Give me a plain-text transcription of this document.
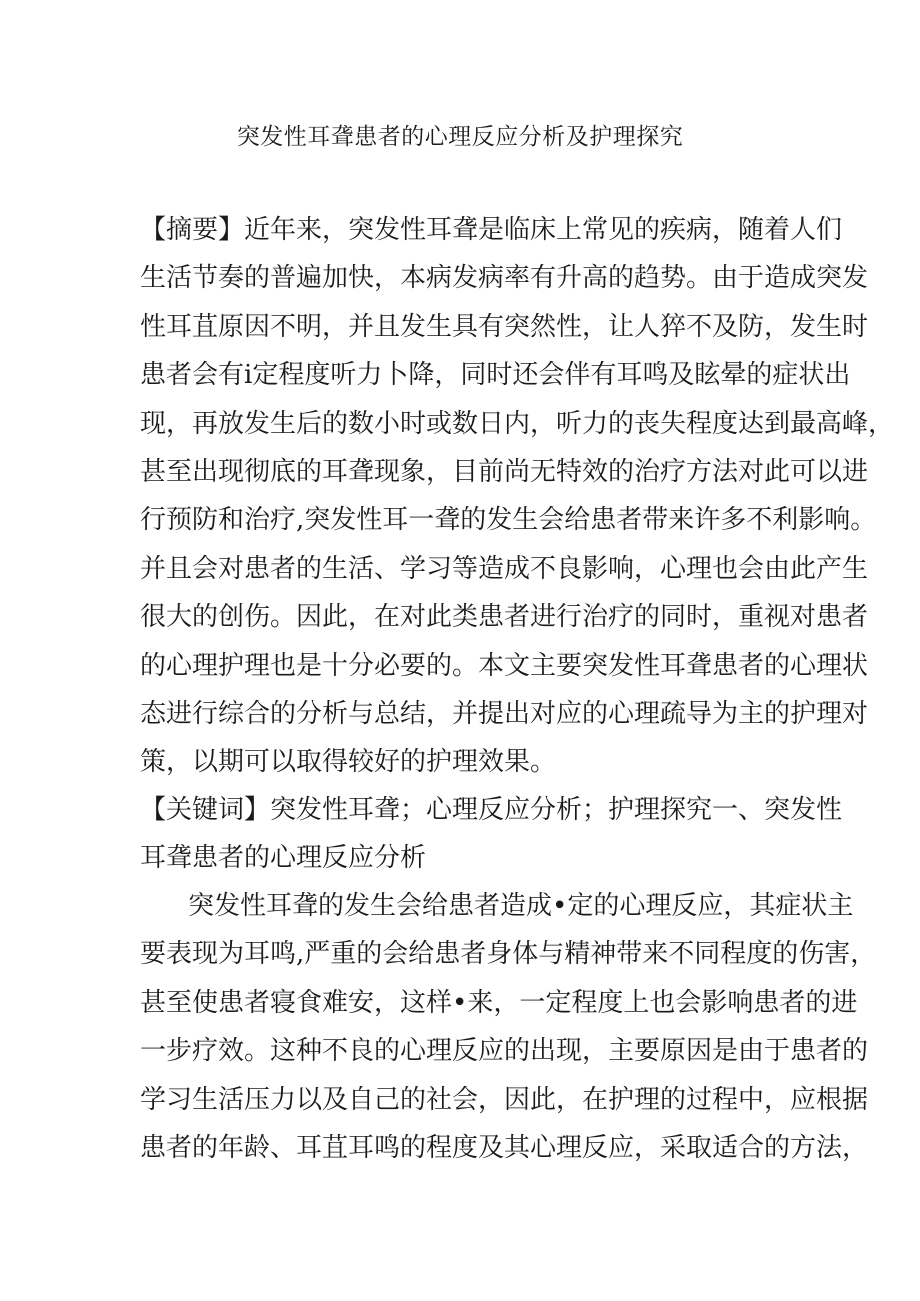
突发性耳聋患者的心理反应分析及护理探究
【摘要】近年来，突发性耳聋是临床上常见的疾病，随着人们
生活节奏的普遍加快，本病发病率有升高的趋势。由于造成突发
性耳苴原因不明，并且发生具有突然性，让人猝不及防，发生时
患者会有i定程度听力卜降，同时还会伴有耳鸣及眩晕的症状出
现，再放发生后的数小时或数日内，听力的丧失程度达到最高峰，
甚至出现彻底的耳聋现象，目前尚无特效的治疗方法对此可以进
行预防和治疗,突发性耳一聋的发生会给患者带来许多不利影响。
并且会对患者的生活、学习等造成不良影响，心理也会由此产生
很大的创伤。因此，在对此类患者进行治疗的同时，重视对患者
的心理护理也是十分必要的。本文主要突发性耳聋患者的心理状
态进行综合的分析与总结，并提出对应的心理疏导为主的护理对
策，以期可以取得较好的护理效果。
【关键词】突发性耳聋；心理反应分析；护理探究一、突发性
耳聋患者的心理反应分析
突发性耳聋的发生会给患者造成•定的心理反应，其症状主
要表现为耳鸣,严重的会给患者身体与精神带来不同程度的伤害，
甚至使患者寝食难安，这样•来，一定程度上也会影响患者的进
一步疗效。这种不良的心理反应的出现，主要原因是由于患者的
学习生活压力以及自己的社会，因此，在护理的过程中，应根据
患者的年龄、耳苴耳鸣的程度及其心理反应，采取适合的方法，
